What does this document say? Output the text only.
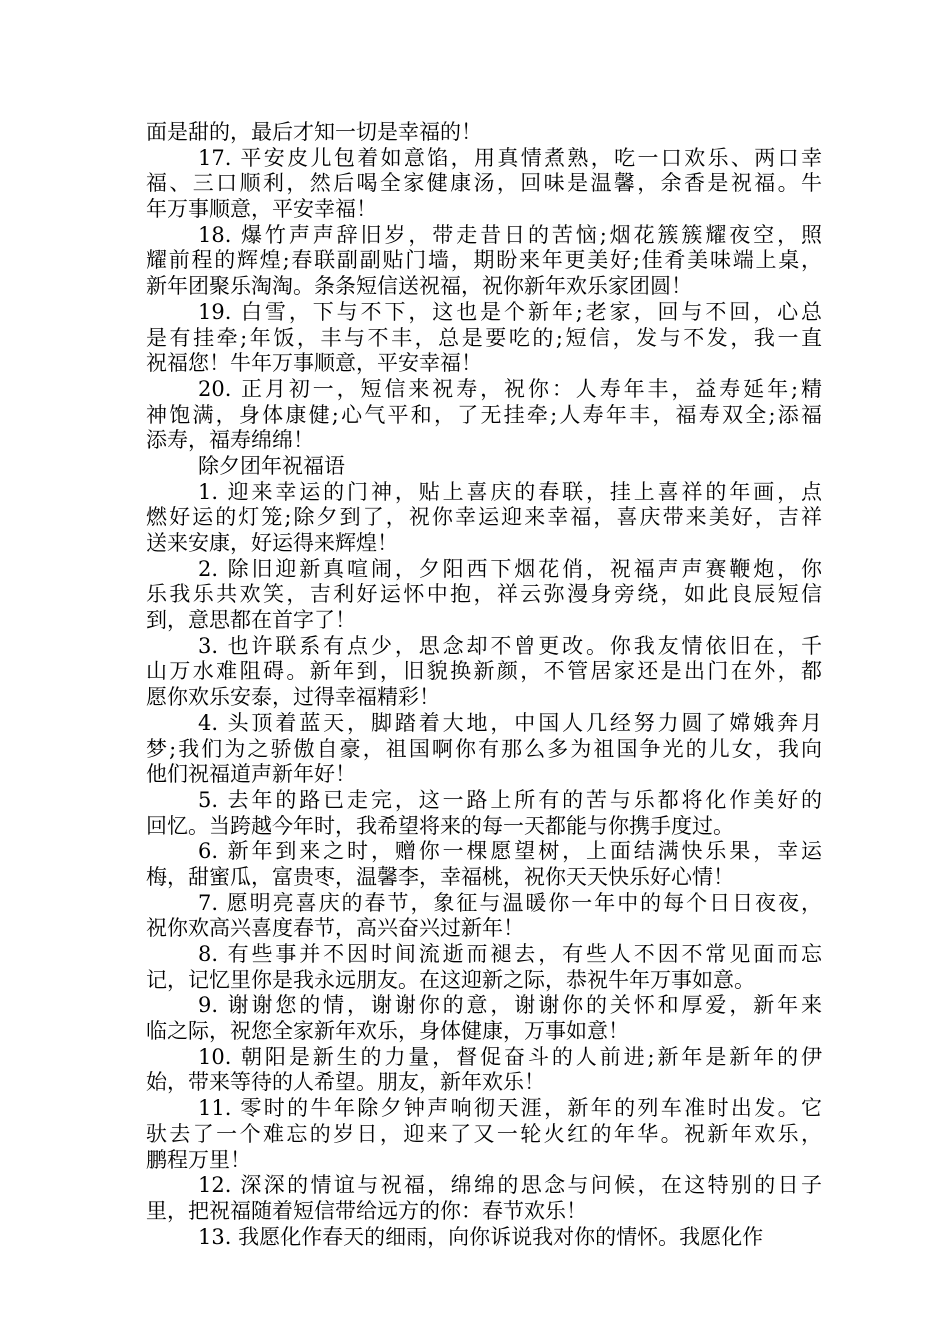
面是甜的，最后才知一切是幸福的！
17. 平安皮儿包着如意馅，用真情煮熟，吃一口欢乐、两口幸
福、三口顺利，然后喝全家健康汤，回味是温馨，余香是祝福。牛
年万事顺意，平安幸福！
18. 爆竹声声辞旧岁，带走昔日的苦恼;烟花簇簇耀夜空，照
耀前程的辉煌;春联副副贴门墙，期盼来年更美好;佳肴美味端上桌，
新年团聚乐淘淘。条条短信送祝福，祝你新年欢乐家团圆！
19. 白雪，下与不下，这也是个新年;老家，回与不回，心总
是有挂牵;年饭，丰与不丰，总是要吃的;短信，发与不发，我一直
祝福您！牛年万事顺意，平安幸福！
20. 正月初一，短信来祝寿，祝你：人寿年丰，益寿延年;精
神饱满，身体康健;心气平和，了无挂牵;人寿年丰，福寿双全;添福
添寿，福寿绵绵！
除夕团年祝福语
1. 迎来幸运的门神，贴上喜庆的春联，挂上喜祥的年画，点
燃好运的灯笼;除夕到了，祝你幸运迎来幸福，喜庆带来美好，吉祥
送来安康，好运得来辉煌！
2. 除旧迎新真喧闹，夕阳西下烟花俏，祝福声声赛鞭炮，你
乐我乐共欢笑，吉利好运怀中抱，祥云弥漫身旁绕，如此良辰短信
到，意思都在首字了！
3. 也许联系有点少，思念却不曾更改。你我友情依旧在，千
山万水难阻碍。新年到，旧貌换新颜，不管居家还是出门在外，都
愿你欢乐安泰，过得幸福精彩！
4. 头顶着蓝天，脚踏着大地，中国人几经努力圆了嫦娥奔月
梦;我们为之骄傲自豪，祖国啊你有那么多为祖国争光的儿女，我向
他们祝福道声新年好！
5. 去年的路已走完，这一路上所有的苦与乐都将化作美好的
回忆。当跨越今年时，我希望将来的每一天都能与你携手度过。
6. 新年到来之时，赠你一棵愿望树，上面结满快乐果，幸运
梅，甜蜜瓜，富贵枣，温馨李，幸福桃，祝你天天快乐好心情！
7. 愿明亮喜庆的春节，象征与温暖你一年中的每个日日夜夜，
祝你欢高兴喜度春节，高兴奋兴过新年！
8. 有些事并不因时间流逝而褪去，有些人不因不常见面而忘
记，记忆里你是我永远朋友。在这迎新之际，恭祝牛年万事如意。
9. 谢谢您的情，谢谢你的意，谢谢你的关怀和厚爱，新年来
临之际，祝您全家新年欢乐，身体健康，万事如意！
10. 朝阳是新生的力量，督促奋斗的人前进;新年是新年的伊
始，带来等待的人希望。朋友，新年欢乐！
11. 零时的牛年除夕钟声响彻天涯，新年的列车准时出发。它
驮去了一个难忘的岁日，迎来了又一轮火红的年华。祝新年欢乐，
鹏程万里！
12. 深深的情谊与祝福，绵绵的思念与问候，在这特别的日子
里，把祝福随着短信带给远方的你：春节欢乐！
13. 我愿化作春天的细雨，向你诉说我对你的情怀。我愿化作
